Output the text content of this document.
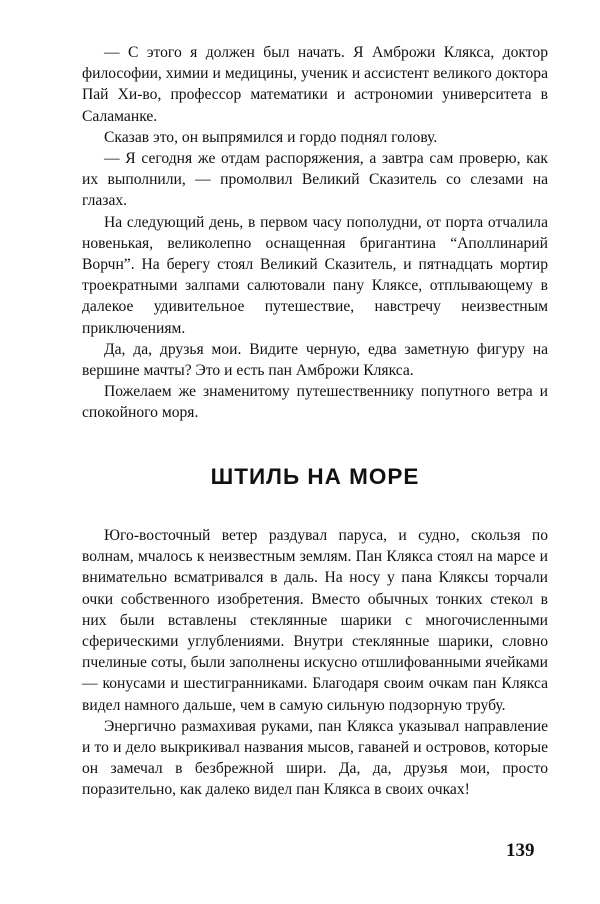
— С этого я должен был начать. Я Амброжи Клякса, доктор философии, химии и медицины, ученик и ассистент великого доктора Пай Хи-во, профессор математики и астрономии университета в Саламанке.

Сказав это, он выпрямился и гордо поднял голову.

— Я сегодня же отдам распоряжения, а завтра сам проверю, как их выполнили, — промолвил Великий Сказитель со слезами на глазах.

На следующий день, в первом часу пополудни, от порта отчалила новенькая, великолепно оснащенная бригантина “Аполлинарий Ворчн”. На берегу стоял Великий Сказитель, и пятнадцать мортир троекратными залпами салютовали пану Кляксе, отплывающему в далекое удивительное путешествие, навстречу неизвестным приключениям.

Да, да, друзья мои. Видите черную, едва заметную фигуру на вершине мачты? Это и есть пан Амброжи Клякса.

Пожелаем же знаменитому путешественнику попутного ветра и спокойного моря.

ШТИЛЬ НА МОРЕ

Юго-восточный ветер раздувал паруса, и судно, скользя по волнам, мчалось к неизвестным землям. Пан Клякса стоял на марсе и внимательно всматривался в даль. На носу у пана Кляксы торчали очки собственного изобретения. Вместо обычных тонких стекол в них были вставлены стеклянные шарики с многочисленными сферическими углублениями. Внутри стеклянные шарики, словно пчелиные соты, были заполнены искусно отшлифованными ячейками — конусами и шестигранниками. Благодаря своим очкам пан Клякса видел намного дальше, чем в самую сильную подзорную трубу.

Энергично размахивая руками, пан Клякса указывал направление и то и дело выкрикивал названия мысов, гаваней и островов, которые он замечал в безбрежной шири. Да, да, друзья мои, просто поразительно, как далеко видел пан Клякса в своих очках!

139
